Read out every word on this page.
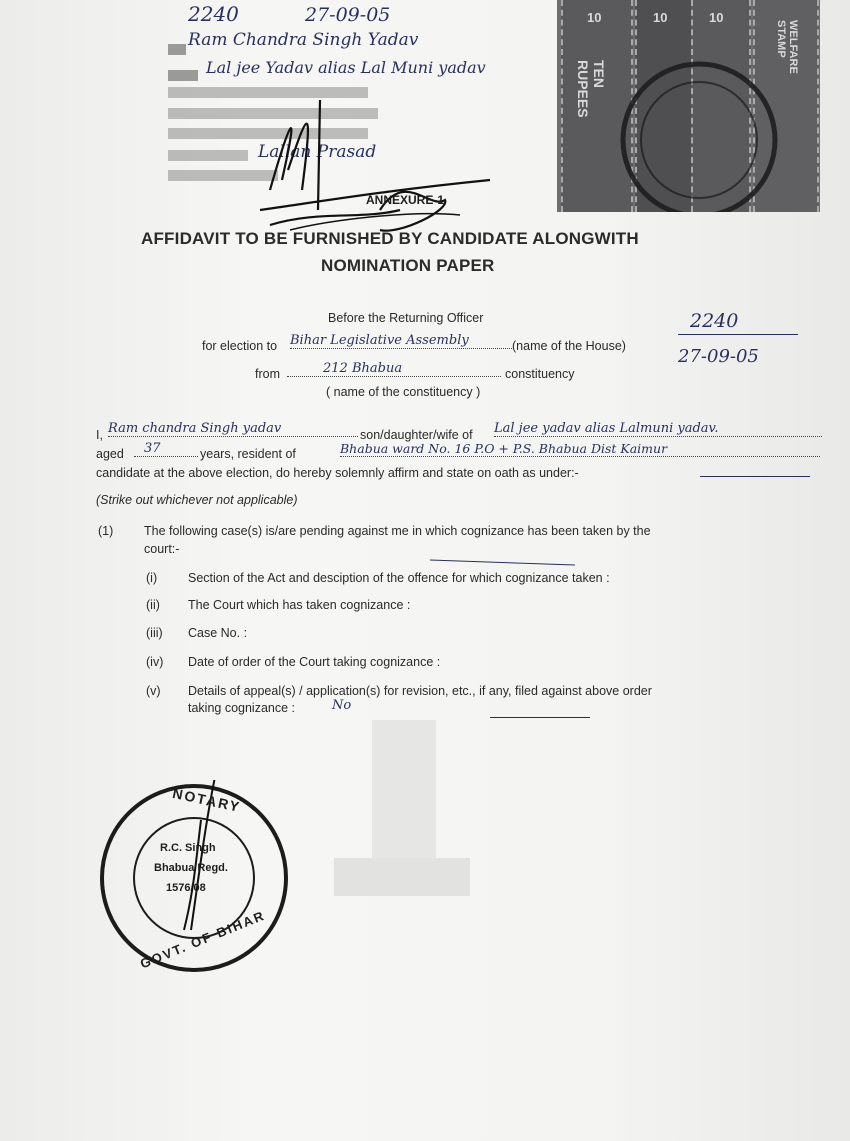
10
TEN RUPEES
10	10
WELFARE STAMP
2240	27-09-05
Ram Chandra Singh Yadav
Lal jee Yadav alias Lal Muni yadav
Lallan Prasad
ANNEXURE-1
AFFIDAVIT TO BE FURNISHED BY CANDIDATE ALONGWITH
NOMINATION PAPER
2240
27-09-05
Before the Returning Officer
for election to Bihar Legislative Assembly	(name of the House)
from	212 Bhabua	constituency
( name of the constituency )
I, Ram chandra Singh yadav	son/daughter/wife of Lal jee yadav alias Lalmuni yadav.
aged	37	years, resident of	Bhabua ward No. 16 P.O + P.S. Bhabua Dist Kaimur
candidate at the above election, do hereby solemnly affirm and state on oath as under:-
(Strike out whichever not applicable)
(1) The following case(s) is/are pending against me in which cognizance has been taken by the
court:-
(i) Section of the Act and desciption of the offence for which cognizance taken :
(ii) The Court which has taken cognizance :
(iii) Case No. :
(iv) Date of order of the Court taking cognizance :
(v) Details of appeal(s) / application(s) for revision, etc., if any, filed against above order
taking cognizance :	No
NOTARY
GOVT. OF BIHAR
R.C. Singh
Bhabua Regd.
1576/08
